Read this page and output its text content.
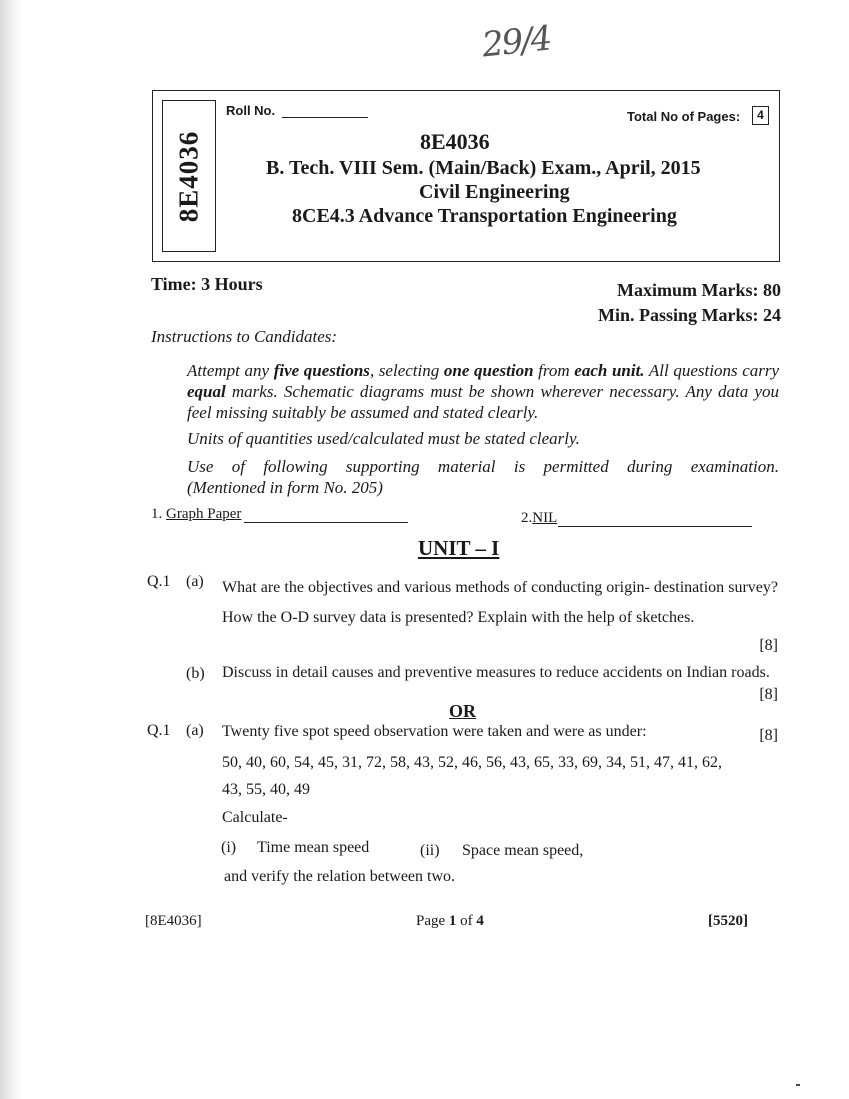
29/4
8E4036
Roll No.	Total No of Pages:	4
8E4036
B. Tech. VIII Sem. (Main/Back) Exam., April, 2015
Civil Engineering
8CE4.3 Advance Transportation Engineering
Time: 3 Hours	Maximum Marks: 80
Min. Passing Marks: 24
Instructions to Candidates:
Attempt any five questions, selecting one question from each unit. All questions carry equal marks. Schematic diagrams must be shown wherever necessary. Any data you feel missing suitably be assumed and stated clearly.
Units of quantities used/calculated must be stated clearly.
Use of following supporting material is permitted during examination.
(Mentioned in form No. 205)
1. Graph Paper	2.NIL
UNIT – I
Q.1 (a) What are the objectives and various methods of conducting origin- destination survey? How the O-D survey data is presented? Explain with the help of sketches.
[8]
(b) Discuss in detail causes and preventive measures to reduce accidents on Indian roads.
[8]
OR
Q.1 (a) Twenty five spot speed observation were taken and were as under:	[8]
50, 40, 60, 54, 45, 31, 72, 58, 43, 52, 46, 56, 43, 65, 33, 69, 34, 51, 47, 41, 62,
43, 55, 40, 49
Calculate-
(i) Time mean speed	(ii) Space mean speed,
and verify the relation between two.
[8E4036]	Page 1 of 4	[5520]
